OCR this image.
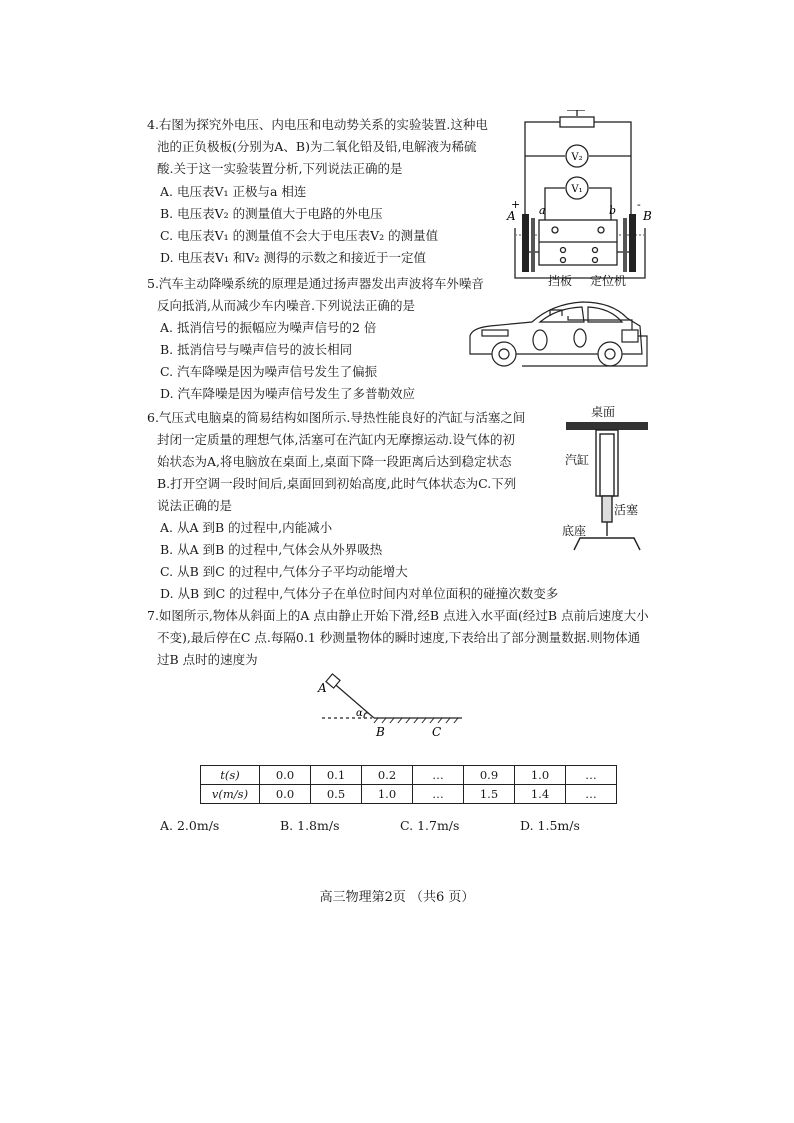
4.右图为探究外电压、内电压和电动势关系的实验装置.这种电
池的正负极板(分别为A、B)为二氧化铅及铅,电解液为稀硫
酸.关于这一实验装置分析,下列说法正确的是
A. 电压表V₁ 正极与a 相连
B. 电压表V₂ 的测量值大于电路的外电压
C. 电压表V₁ 的测量值不会大于电压表V₂ 的测量值
D. 电压表V₁ 和V₂ 测得的示数之和接近于一定值
V₂
V₁
+	-
A	B
a	b
挡板 定位机
5.汽车主动降噪系统的原理是通过扬声器发出声波将车外噪音
反向抵消,从而减少车内噪音.下列说法正确的是
A. 抵消信号的振幅应为噪声信号的2 倍
B. 抵消信号与噪声信号的波长相同
C. 汽车降噪是因为噪声信号发生了偏振
D. 汽车降噪是因为噪声信号发生了多普勒效应
6.气压式电脑桌的简易结构如图所示.导热性能良好的汽缸与活塞之间
封闭一定质量的理想气体,活塞可在汽缸内无摩擦运动.设气体的初
始状态为A,将电脑放在桌面上,桌面下降一段距离后达到稳定状态
B.打开空调一段时间后,桌面回到初始高度,此时气体状态为C.下列
说法正确的是
A. 从A 到B 的过程中,内能减小
B. 从A 到B 的过程中,气体会从外界吸热
C. 从B 到C 的过程中,气体分子平均动能增大
D. 从B 到C 的过程中,气体分子在单位时间内对单位面积的碰撞次数变多
桌面
汽缸
活塞
底座
7.如图所示,物体从斜面上的A 点由静止开始下滑,经B 点进入水平面(经过B 点前后速度大小
不变),最后停在C 点.每隔0.1 秒测量物体的瞬时速度,下表给出了部分测量数据.则物体通
过B 点时的速度为
A
α
B	C
t(s)	0.0	0.1	0.2	…	0.9	1.0	…
v(m/s)	0.0	0.5	1.0	…	1.5	1.4	…
A. 2.0m/s	B. 1.8m/s	C. 1.7m/s	D. 1.5m/s
高三物理第2页 （共6 页）
